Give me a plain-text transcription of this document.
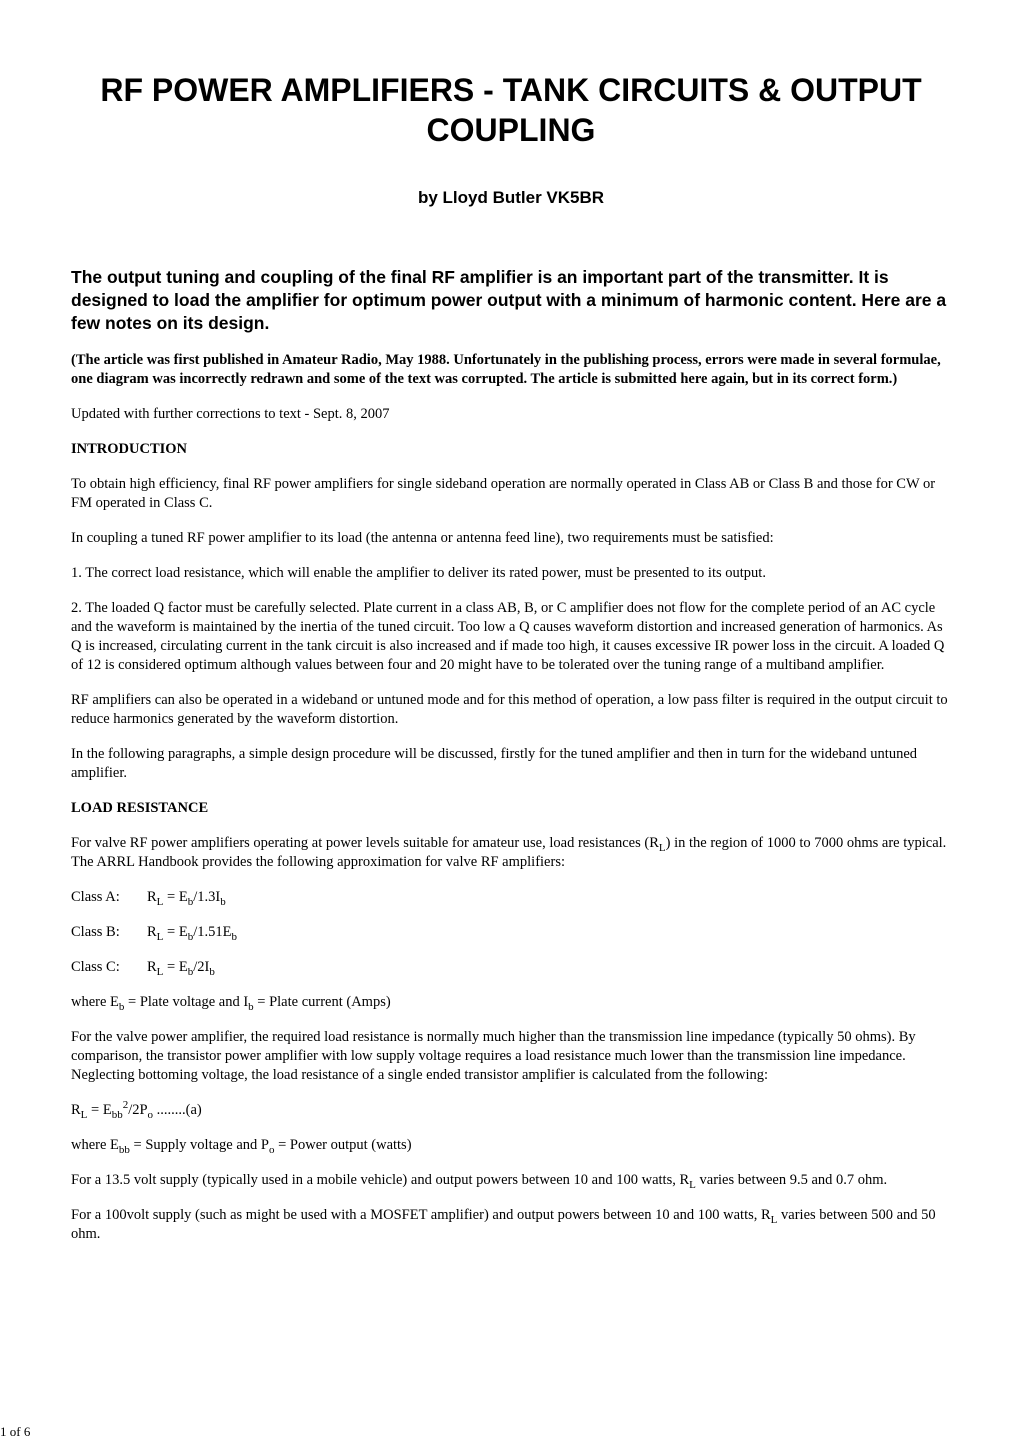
RF POWER AMPLIFIERS - TANK CIRCUITS & OUTPUT COUPLING
by Lloyd Butler VK5BR

The output tuning and coupling of the final RF amplifier is an important part of the transmitter. It is designed to load the amplifier for optimum power output with a minimum of harmonic content. Here are a few notes on its design.

(The article was first published in Amateur Radio, May 1988. Unfortunately in the publishing process, errors were made in several formulae, one diagram was incorrectly redrawn and some of the text was corrupted. The article is submitted here again, but in its correct form.)

Updated with further corrections to text - Sept. 8, 2007

INTRODUCTION

To obtain high efficiency, final RF power amplifiers for single sideband operation are normally operated in Class AB or Class B and those for CW or FM operated in Class C.

In coupling a tuned RF power amplifier to its load (the antenna or antenna feed line), two requirements must be satisfied:

1. The correct load resistance, which will enable the amplifier to deliver its rated power, must be presented to its output.

2. The loaded Q factor must be carefully selected. Plate current in a class AB, B, or C amplifier does not flow for the complete period of an AC cycle and the waveform is maintained by the inertia of the tuned circuit. Too low a Q causes waveform distortion and increased generation of harmonics. As Q is increased, circulating current in the tank circuit is also increased and if made too high, it causes excessive IR power loss in the circuit. A loaded Q of 12 is considered optimum although values between four and 20 might have to be tolerated over the tuning range of a multiband amplifier.

RF amplifiers can also be operated in a wideband or untuned mode and for this method of operation, a low pass filter is required in the output circuit to reduce harmonics generated by the waveform distortion.

In the following paragraphs, a simple design procedure will be discussed, firstly for the tuned amplifier and then in turn for the wideband untuned amplifier.

LOAD RESISTANCE

For valve RF power amplifiers operating at power levels suitable for amateur use, load resistances $(R_L)$ in the region of 1000 to 7000 ohms are typical. The ARRL Handbook provides the following approximation for valve RF amplifiers:

Class A: $R_L = E_b/1.3I_b$

Class B: $R_L = E_b/1.51E_b$

Class C: $R_L = E_b/2I_b$

where $E_b$ = Plate voltage and $I_b$ = Plate current (Amps)

For the valve power amplifier, the required load resistance is normally much higher than the transmission line impedance (typically 50 ohms). By comparison, the transistor power amplifier with low supply voltage requires a load resistance much lower than the transmission line impedance. Neglecting bottoming voltage, the load resistance of a single ended transistor amplifier is calculated from the following:

$R_L = E_{bb}^2/2P_o$ ........(a)

where $E_{bb}$ = Supply voltage and $P_o$ = Power output (watts)

For a 13.5 volt supply (typically used in a mobile vehicle) and output powers between 10 and 100 watts, $R_L$ varies between 9.5 and 0.7 ohm.

For a 100volt supply (such as might be used with a MOSFET amplifier) and output powers between 10 and 100 watts, $R_L$ varies between 500 and 50 ohm.

1 of 6
